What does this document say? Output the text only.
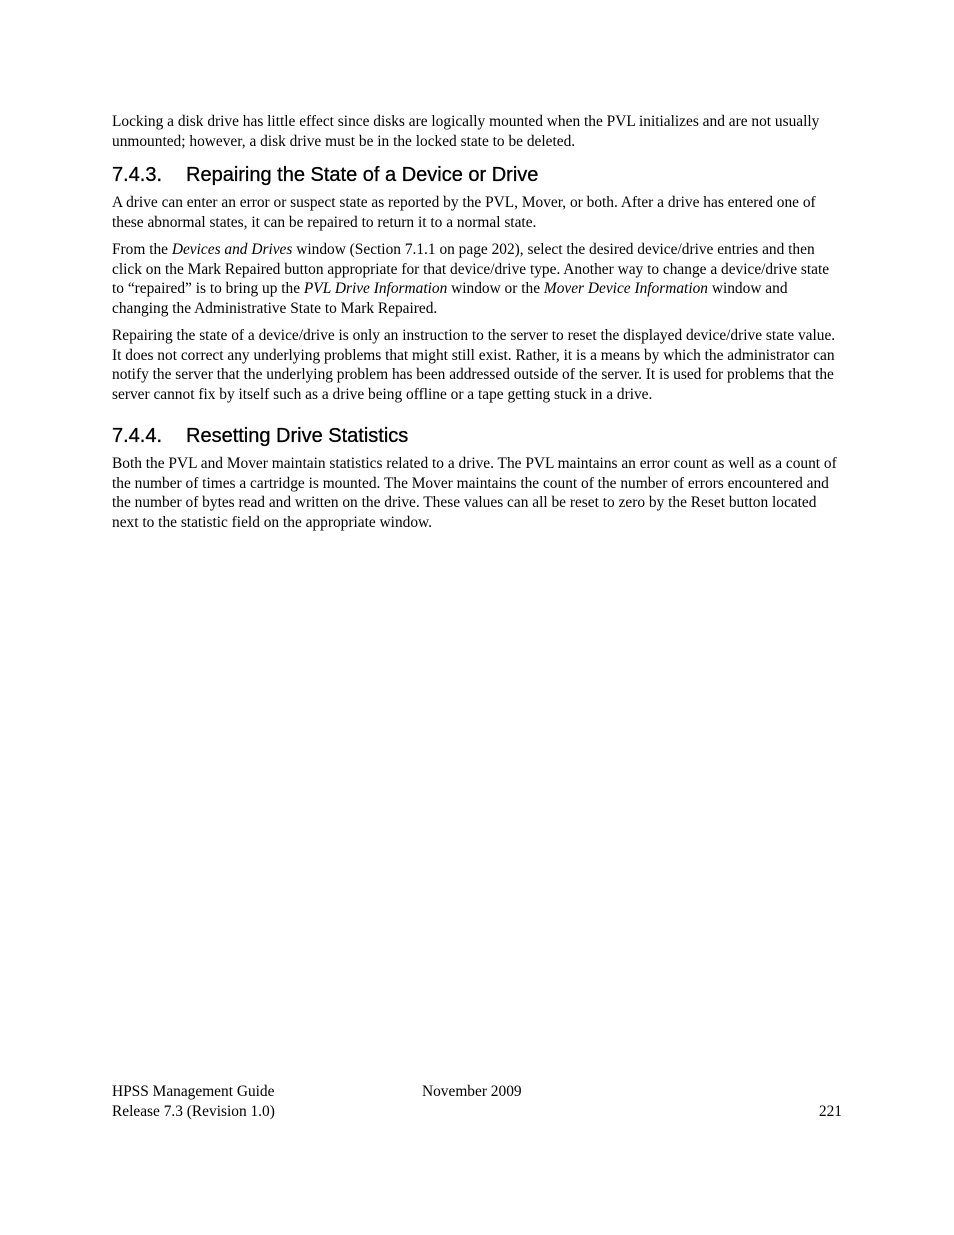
Locking a disk drive has little effect since disks are logically mounted when the PVL initializes and are not usually unmounted; however, a disk drive must be in the locked state to be deleted.

7.4.3. Repairing the State of a Device or Drive

A drive can enter an error or suspect state as reported by the PVL, Mover, or both. After a drive has entered one of these abnormal states, it can be repaired to return it to a normal state.

From the Devices and Drives window (Section 7.1.1 on page 202), select the desired device/drive entries and then click on the Mark Repaired button appropriate for that device/drive type. Another way to change a device/drive state to “repaired” is to bring up the PVL Drive Information window or the Mover Device Information window and changing the Administrative State to Mark Repaired.

Repairing the state of a device/drive is only an instruction to the server to reset the displayed device/drive state value. It does not correct any underlying problems that might still exist. Rather, it is a means by which the administrator can notify the server that the underlying problem has been addressed outside of the server. It is used for problems that the server cannot fix by itself such as a drive being offline or a tape getting stuck in a drive.

7.4.4. Resetting Drive Statistics

Both the PVL and Mover maintain statistics related to a drive. The PVL maintains an error count as well as a count of the number of times a cartridge is mounted. The Mover maintains the count of the number of errors encountered and the number of bytes read and written on the drive. These values can all be reset to zero by the Reset button located next to the statistic field on the appropriate window.

HPSS Management Guide	November 2009
Release 7.3 (Revision 1.0)	221
